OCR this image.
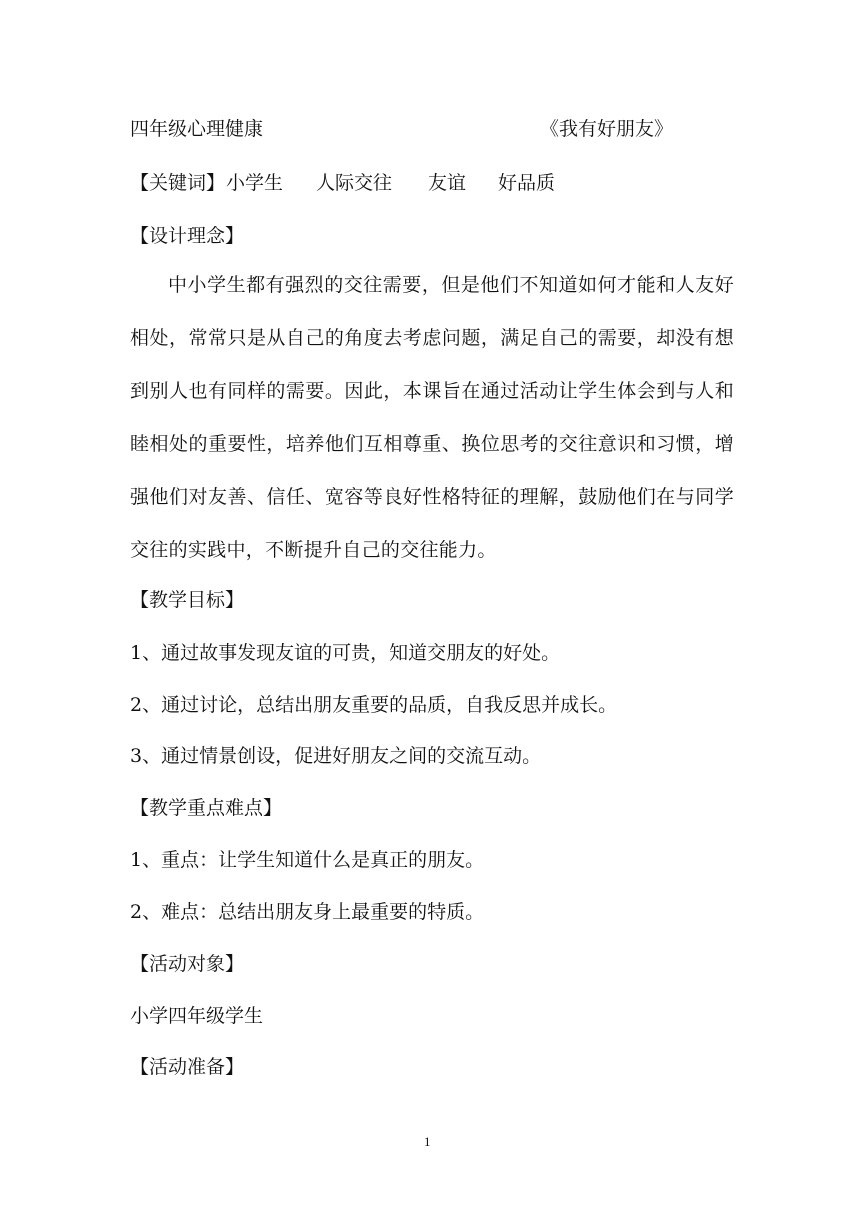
四年级心理健康	《我有好朋友》
【关键词】小学生 人际交往 友谊 好品质
【设计理念】
中小学生都有强烈的交往需要，但是他们不知道如何才能和人友好相处，常常只是从自己的角度去考虑问题，满足自己的需要，却没有想到别人也有同样的需要。因此，本课旨在通过活动让学生体会到与人和睦相处的重要性，培养他们互相尊重、换位思考的交往意识和习惯，增强他们对友善、信任、宽容等良好性格特征的理解，鼓励他们在与同学交往的实践中，不断提升自己的交往能力。
【教学目标】
1、通过故事发现友谊的可贵，知道交朋友的好处。
2、通过讨论，总结出朋友重要的品质，自我反思并成长。
3、通过情景创设，促进好朋友之间的交流互动。
【教学重点难点】
1、重点：让学生知道什么是真正的朋友。
2、难点：总结出朋友身上最重要的特质。
【活动对象】
小学四年级学生
【活动准备】
1
